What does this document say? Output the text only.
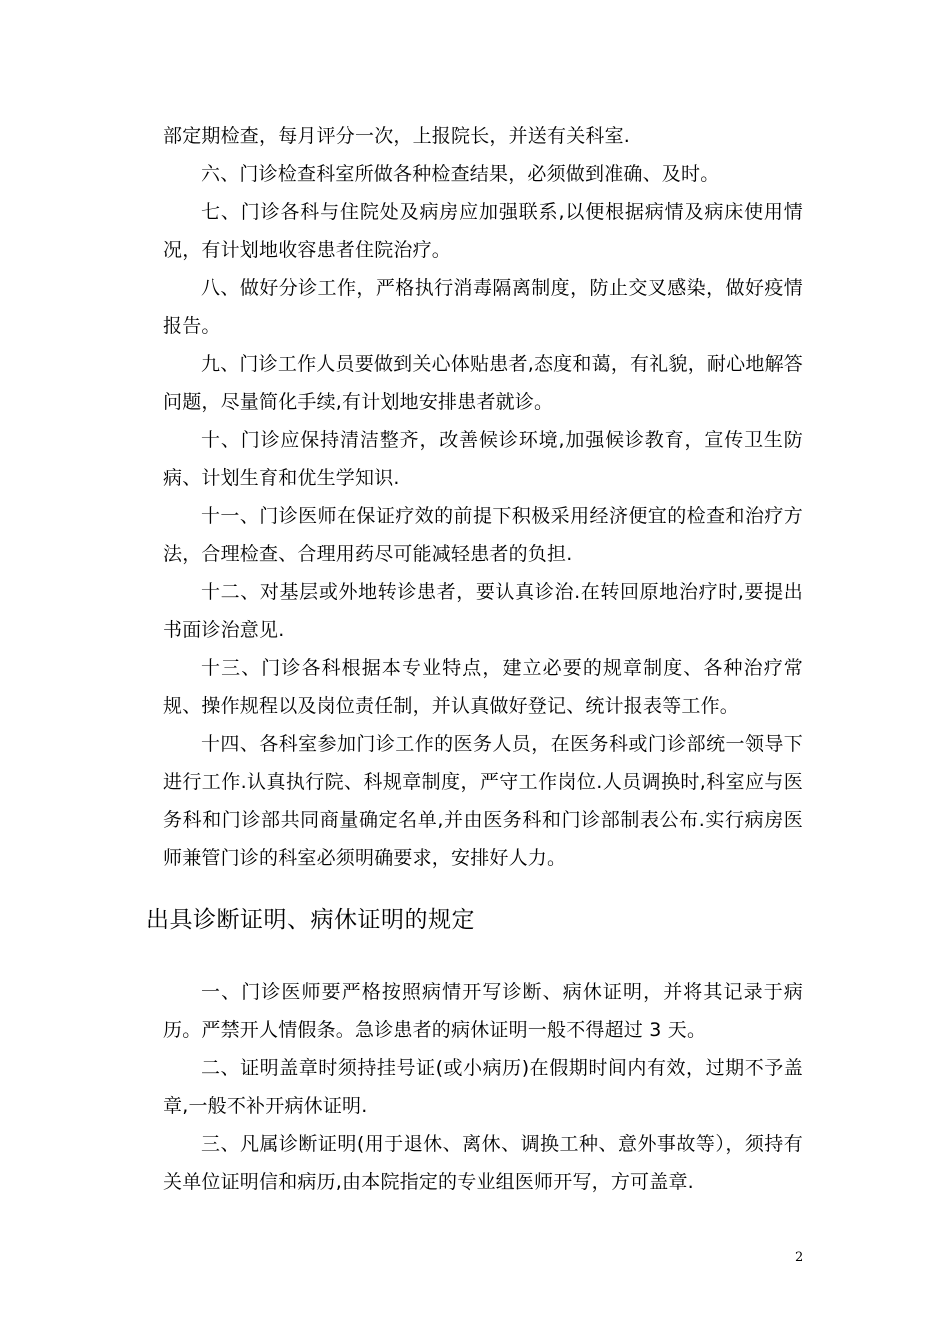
部定期检查，每月评分一次，上报院长，并送有关科室.

六、门诊检查科室所做各种检查结果，必须做到准确、及时。

七、门诊各科与住院处及病房应加强联系,以便根据病情及病床使用情况，有计划地收容患者住院治疗。

八、做好分诊工作，严格执行消毒隔离制度，防止交叉感染，做好疫情报告。

九、门诊工作人员要做到关心体贴患者,态度和蔼，有礼貌，耐心地解答问题，尽量简化手续,有计划地安排患者就诊。

十、门诊应保持清洁整齐，改善候诊环境,加强候诊教育，宣传卫生防病、计划生育和优生学知识.

十一、门诊医师在保证疗效的前提下积极采用经济便宜的检查和治疗方法，合理检查、合理用药尽可能减轻患者的负担.

十二、对基层或外地转诊患者，要认真诊治.在转回原地治疗时,要提出书面诊治意见.

十三、门诊各科根据本专业特点，建立必要的规章制度、各种治疗常规、操作规程以及岗位责任制，并认真做好登记、统计报表等工作。

十四、各科室参加门诊工作的医务人员，在医务科或门诊部统一领导下进行工作.认真执行院、科规章制度，严守工作岗位.人员调换时,科室应与医务科和门诊部共同商量确定名单,并由医务科和门诊部制表公布.实行病房医师兼管门诊的科室必须明确要求，安排好人力。

出具诊断证明、病休证明的规定

一、门诊医师要严格按照病情开写诊断、病休证明，并将其记录于病历。严禁开人情假条。急诊患者的病休证明一般不得超过 3 天。

二、证明盖章时须持挂号证(或小病历)在假期时间内有效，过期不予盖章,一般不补开病休证明.

三、凡属诊断证明(用于退休、离休、调换工种、意外事故等），须持有关单位证明信和病历,由本院指定的专业组医师开写，方可盖章.

2
